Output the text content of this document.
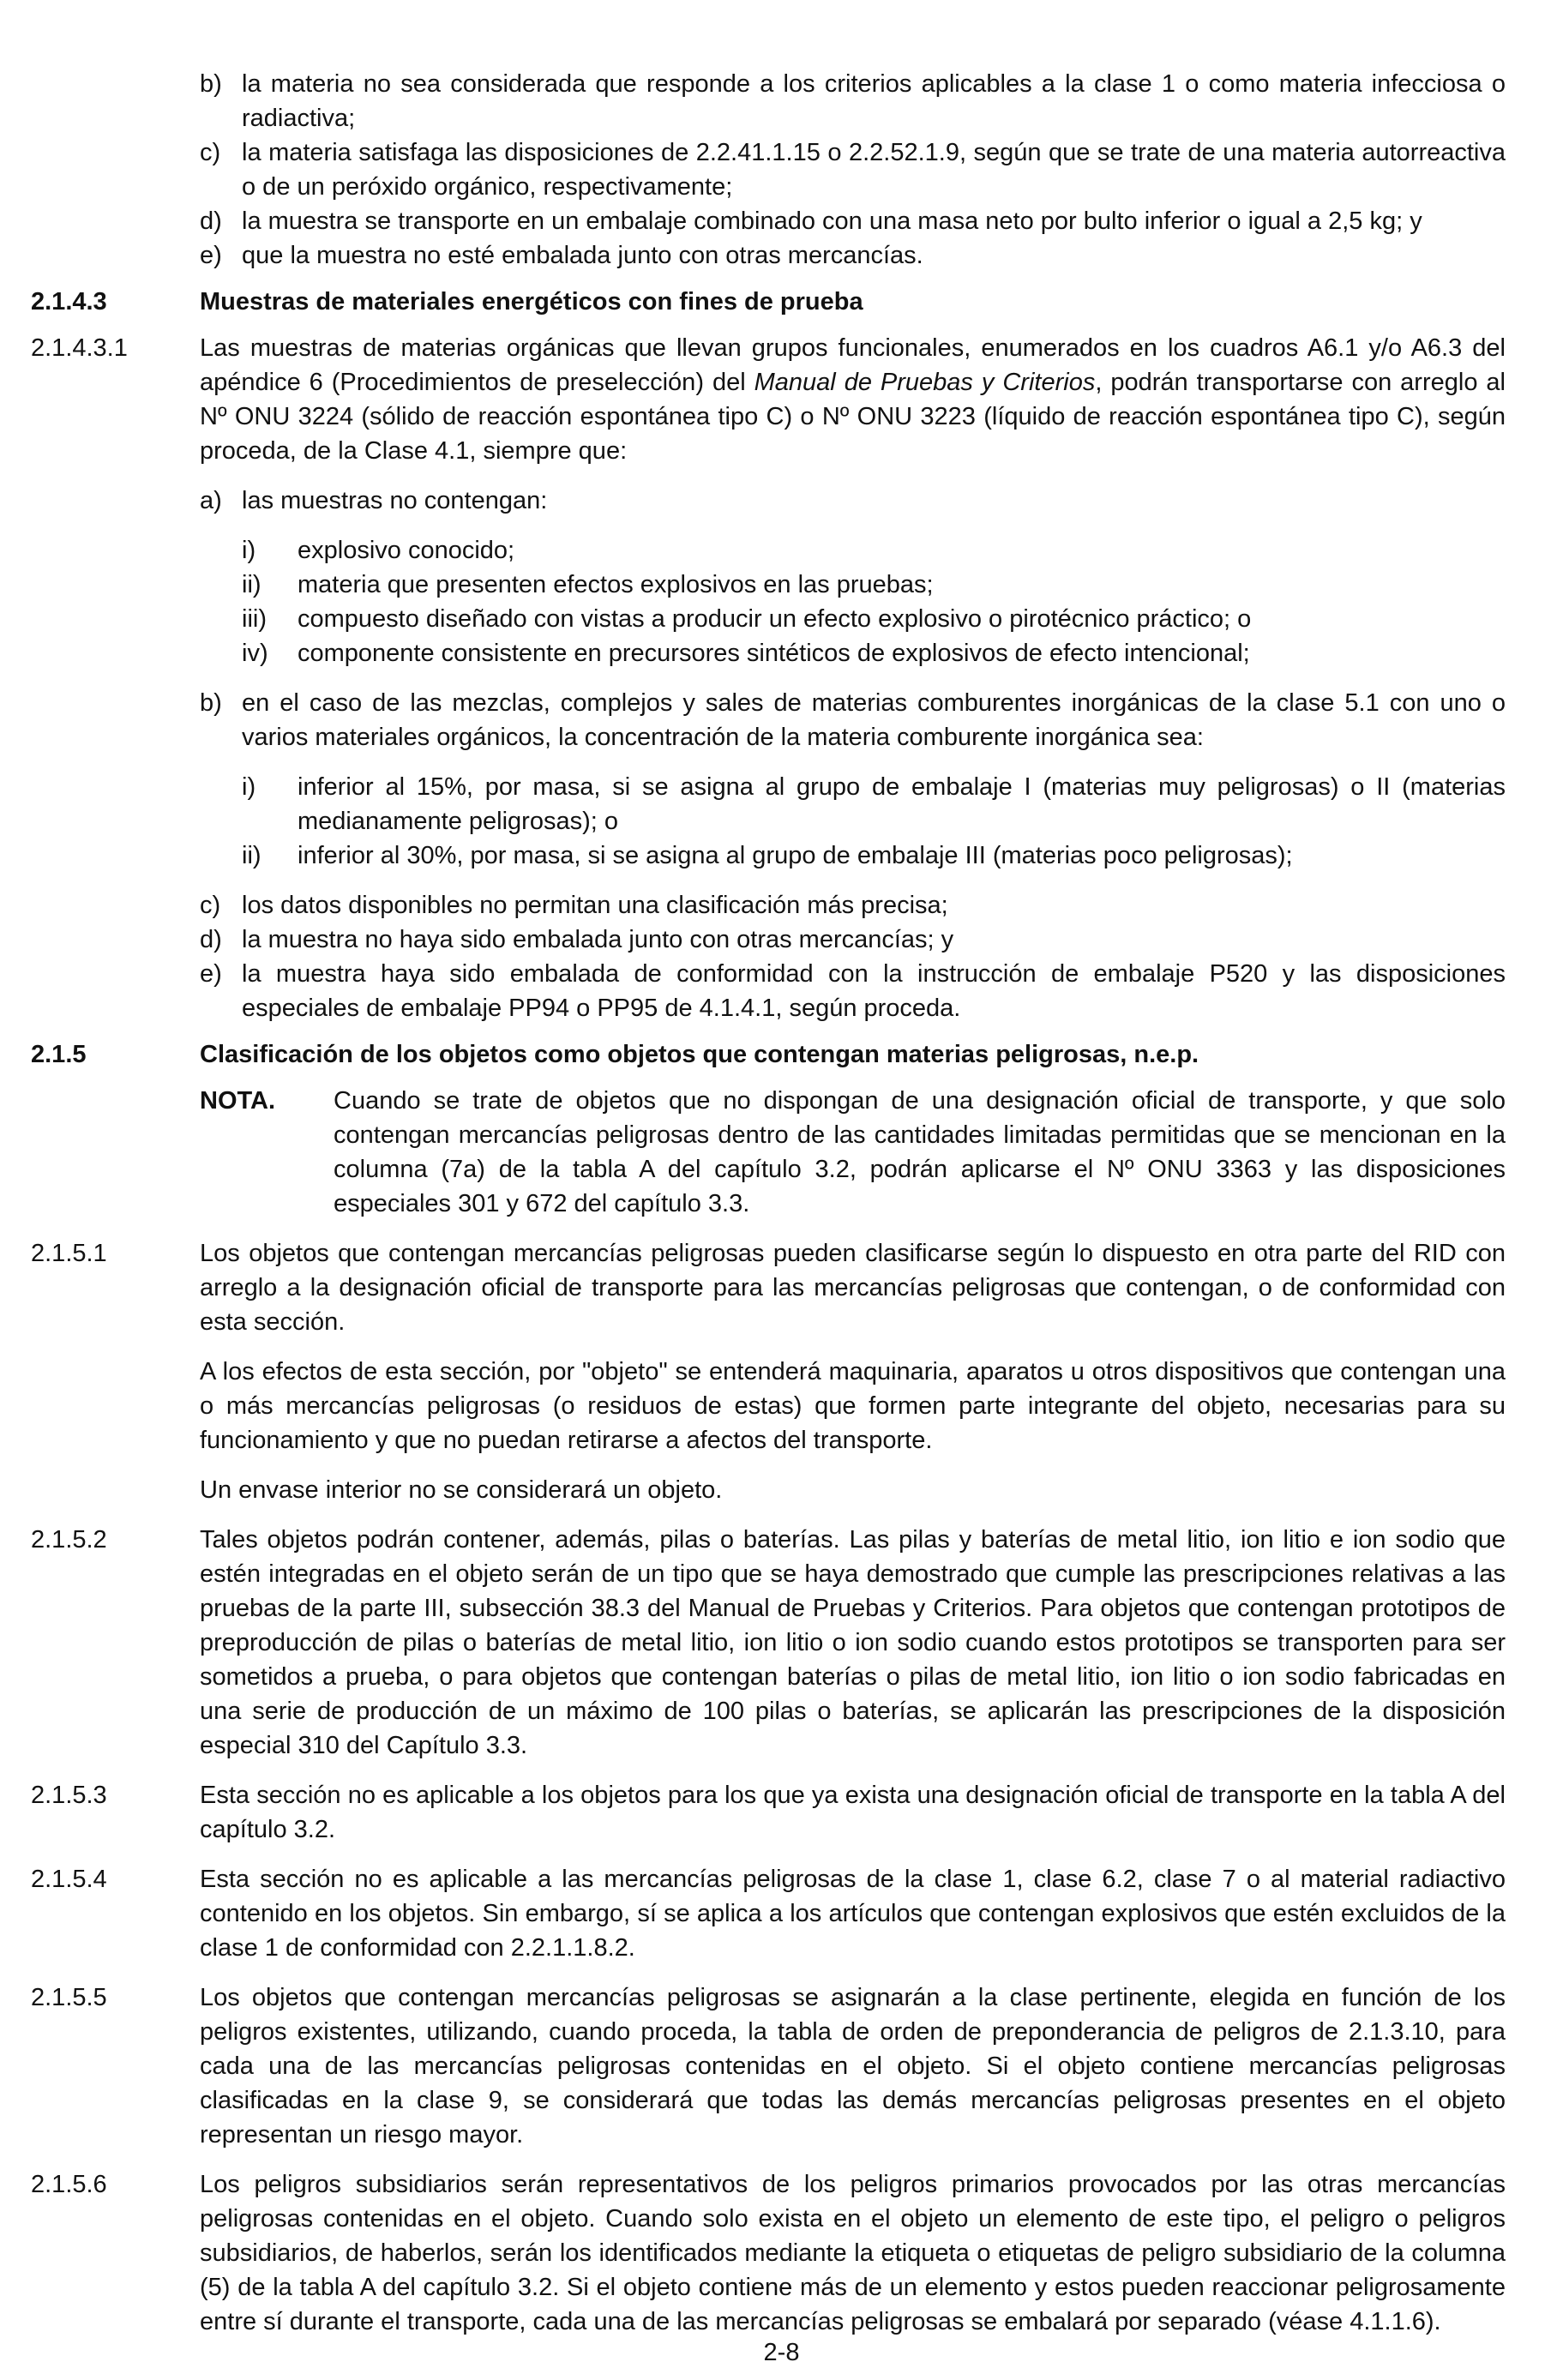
b) la materia no sea considerada que responde a los criterios aplicables a la clase 1 o como materia infecciosa o radiactiva;
c) la materia satisfaga las disposiciones de 2.2.41.1.15 o 2.2.52.1.9, según que se trate de una materia autorreactiva o de un peróxido orgánico, respectivamente;
d) la muestra se transporte en un embalaje combinado con una masa neto por bulto inferior o igual a 2,5 kg; y
e) que la muestra no esté embalada junto con otras mercancías.
2.1.4.3	Muestras de materiales energéticos con fines de prueba
2.1.4.3.1	Las muestras de materias orgánicas que llevan grupos funcionales, enumerados en los cuadros A6.1 y/o A6.3 del apéndice 6 (Procedimientos de preselección) del Manual de Pruebas y Criterios, podrán transportarse con arreglo al Nº ONU 3224 (sólido de reacción espontánea tipo C) o Nº ONU 3223 (líquido de reacción espontánea tipo C), según proceda, de la Clase 4.1, siempre que:
a) las muestras no contengan:
i)	explosivo conocido;
ii)	materia que presenten efectos explosivos en las pruebas;
iii)	compuesto diseñado con vistas a producir un efecto explosivo o pirotécnico práctico; o
iv)	componente consistente en precursores sintéticos de explosivos de efecto intencional;
b) en el caso de las mezclas, complejos y sales de materias comburentes inorgánicas de la clase 5.1 con uno o varios materiales orgánicos, la concentración de la materia comburente inorgánica sea:
i)	inferior al 15%, por masa, si se asigna al grupo de embalaje I (materias muy peligrosas) o II (materias medianamente peligrosas); o
ii)	inferior al 30%, por masa, si se asigna al grupo de embalaje III (materias poco peligrosas);
c) los datos disponibles no permitan una clasificación más precisa;
d) la muestra no haya sido embalada junto con otras mercancías; y
e) la muestra haya sido embalada de conformidad con la instrucción de embalaje P520 y las disposiciones especiales de embalaje PP94 o PP95 de 4.1.4.1, según proceda.
2.1.5	Clasificación de los objetos como objetos que contengan materias peligrosas, n.e.p.
NOTA.	Cuando se trate de objetos que no dispongan de una designación oficial de transporte, y que solo contengan mercancías peligrosas dentro de las cantidades limitadas permitidas que se mencionan en la columna (7a) de la tabla A del capítulo 3.2, podrán aplicarse el Nº ONU 3363 y las disposiciones especiales 301 y 672 del capítulo 3.3.
2.1.5.1	Los objetos que contengan mercancías peligrosas pueden clasificarse según lo dispuesto en otra parte del RID con arreglo a la designación oficial de transporte para las mercancías peligrosas que contengan, o de conformidad con esta sección.
A los efectos de esta sección, por "objeto" se entenderá maquinaria, aparatos u otros dispositivos que contengan una o más mercancías peligrosas (o residuos de estas) que formen parte integrante del objeto, necesarias para su funcionamiento y que no puedan retirarse a afectos del transporte.
Un envase interior no se considerará un objeto.
2.1.5.2	Tales objetos podrán contener, además, pilas o baterías. Las pilas y baterías de metal litio, ion litio e ion sodio que estén integradas en el objeto serán de un tipo que se haya demostrado que cumple las prescripciones relativas a las pruebas de la parte III, subsección 38.3 del Manual de Pruebas y Criterios. Para objetos que contengan prototipos de preproducción de pilas o baterías de metal litio, ion litio o ion sodio cuando estos prototipos se transporten para ser sometidos a prueba, o para objetos que contengan baterías o pilas de metal litio, ion litio o ion sodio fabricadas en una serie de producción de un máximo de 100 pilas o baterías, se aplicarán las prescripciones de la disposición especial 310 del Capítulo 3.3.
2.1.5.3	Esta sección no es aplicable a los objetos para los que ya exista una designación oficial de transporte en la tabla A del capítulo 3.2.
2.1.5.4	Esta sección no es aplicable a las mercancías peligrosas de la clase 1, clase 6.2, clase 7 o al material radiactivo contenido en los objetos. Sin embargo, sí se aplica a los artículos que contengan explosivos que estén excluidos de la clase 1 de conformidad con 2.2.1.1.8.2.
2.1.5.5	Los objetos que contengan mercancías peligrosas se asignarán a la clase pertinente, elegida en función de los peligros existentes, utilizando, cuando proceda, la tabla de orden de preponderancia de peligros de 2.1.3.10, para cada una de las mercancías peligrosas contenidas en el objeto. Si el objeto contiene mercancías peligrosas clasificadas en la clase 9, se considerará que todas las demás mercancías peligrosas presentes en el objeto representan un riesgo mayor.
2.1.5.6	Los peligros subsidiarios serán representativos de los peligros primarios provocados por las otras mercancías peligrosas contenidas en el objeto. Cuando solo exista en el objeto un elemento de este tipo, el peligro o peligros subsidiarios, de haberlos, serán los identificados mediante la etiqueta o etiquetas de peligro subsidiario de la columna (5) de la tabla A del capítulo 3.2. Si el objeto contiene más de un elemento y estos pueden reaccionar peligrosamente entre sí durante el transporte, cada una de las mercancías peligrosas se embalará por separado (véase 4.1.1.6).
2-8
